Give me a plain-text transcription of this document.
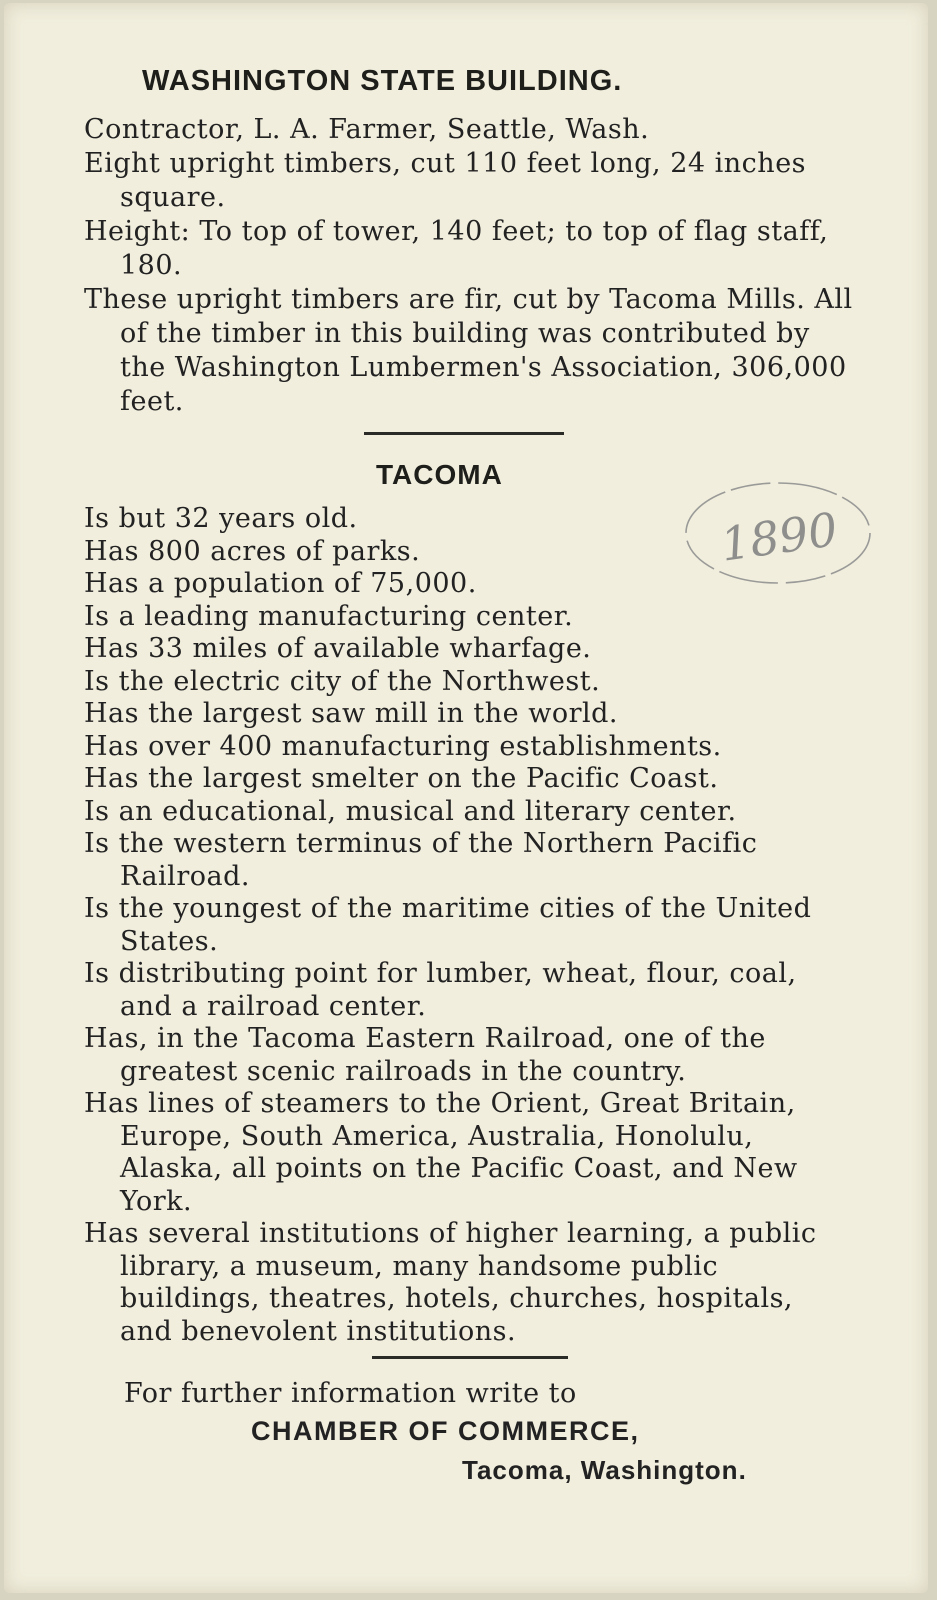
WASHINGTON STATE BUILDING.

Contractor, L. A. Farmer, Seattle, Wash.

Eight upright timbers, cut 110 feet long, 24 inches square.

Height: To top of tower, 140 feet; to top of flag staff, 180.

These upright timbers are fir, cut by Tacoma Mills. All of the timber in this building was contributed by the Washington Lumbermen's Association, 306,000 feet.

TACOMA
1890

Is but 32 years old.

Has 800 acres of parks.

Has a population of 75,000.

Is a leading manufacturing center.

Has 33 miles of available wharfage.

Is the electric city of the Northwest.

Has the largest saw mill in the world.

Has over 400 manufacturing establishments.

Has the largest smelter on the Pacific Coast.

Is an educational, musical and literary center.

Is the western terminus of the Northern Pacific Railroad.

Is the youngest of the maritime cities of the United States.

Is distributing point for lumber, wheat, flour, coal, and a railroad center.

Has, in the Tacoma Eastern Railroad, one of the greatest scenic railroads in the country.

Has lines of steamers to the Orient, Great Britain, Europe, South America, Australia, Honolulu, Alaska, all points on the Pacific Coast, and New York.

Has several institutions of higher learning, a public library, a museum, many handsome public buildings, theatres, hotels, churches, hospitals, and benevolent institutions.

For further information write to
CHAMBER OF COMMERCE,
Tacoma, Washington.
